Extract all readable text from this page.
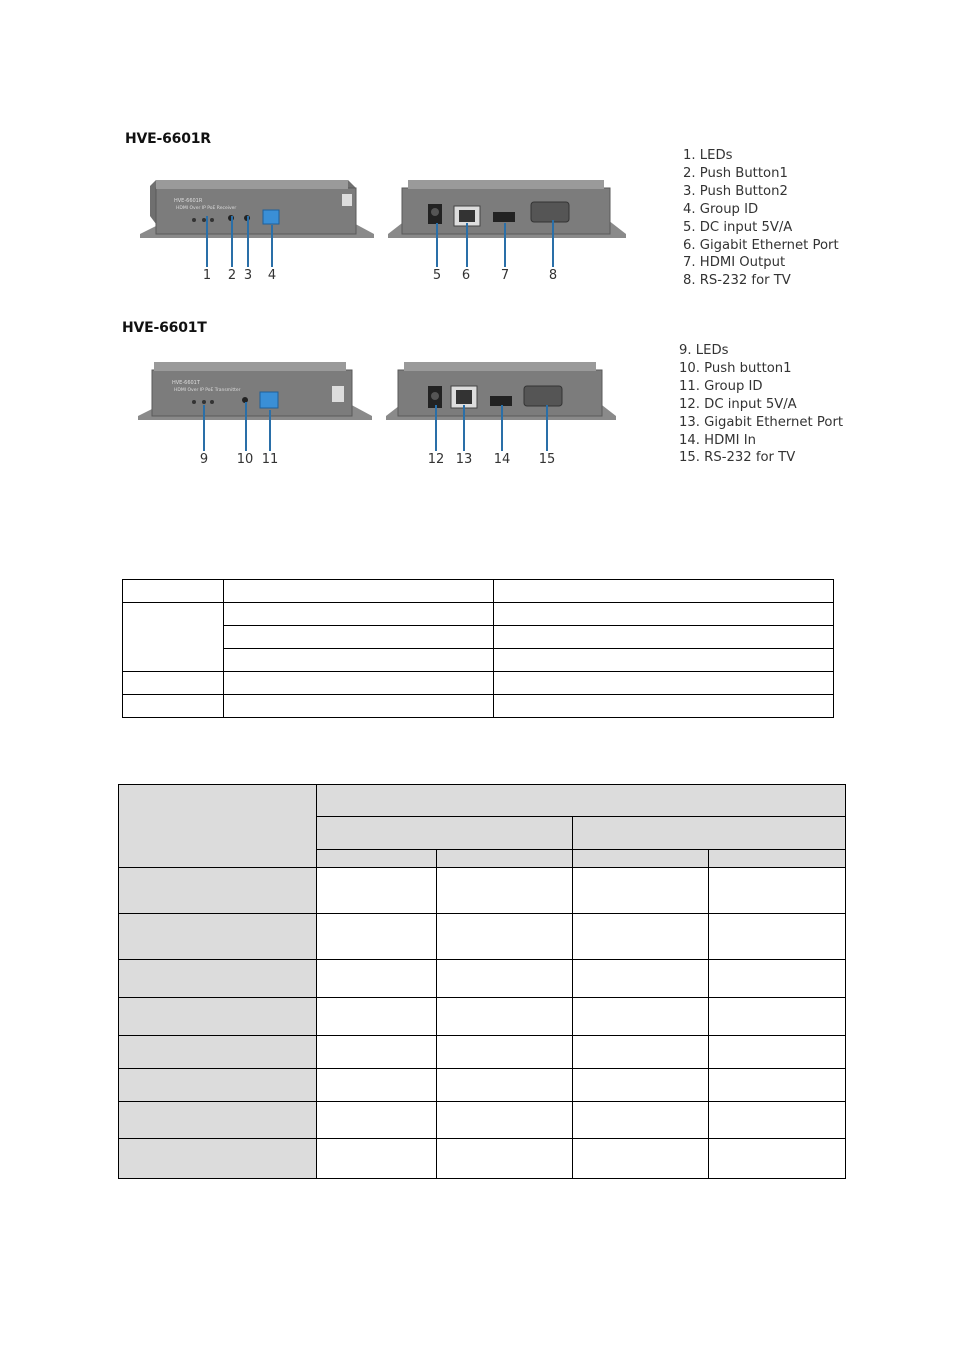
HVE-6601R
HVE-6601R
HDMI Over IP PoE Receiver
1	2 3	4	5	6	7	8
1. LEDs
2. Push Button1
3. Push Button2
4. Group ID
5. DC input 5V/A
6. Gigabit Ethernet Port
7. HDMI Output
8. RS-232 for TV
HVE-6601T
HVE-6601T
HDMI Over IP PoE Transmitter
9	10 11	12 13 14 15
9. LEDs
10. Push button1
11. Group ID
12. DC input 5V/A
13. Gigabit Ethernet Port
14. HDMI In
15. RS-232 for TV
